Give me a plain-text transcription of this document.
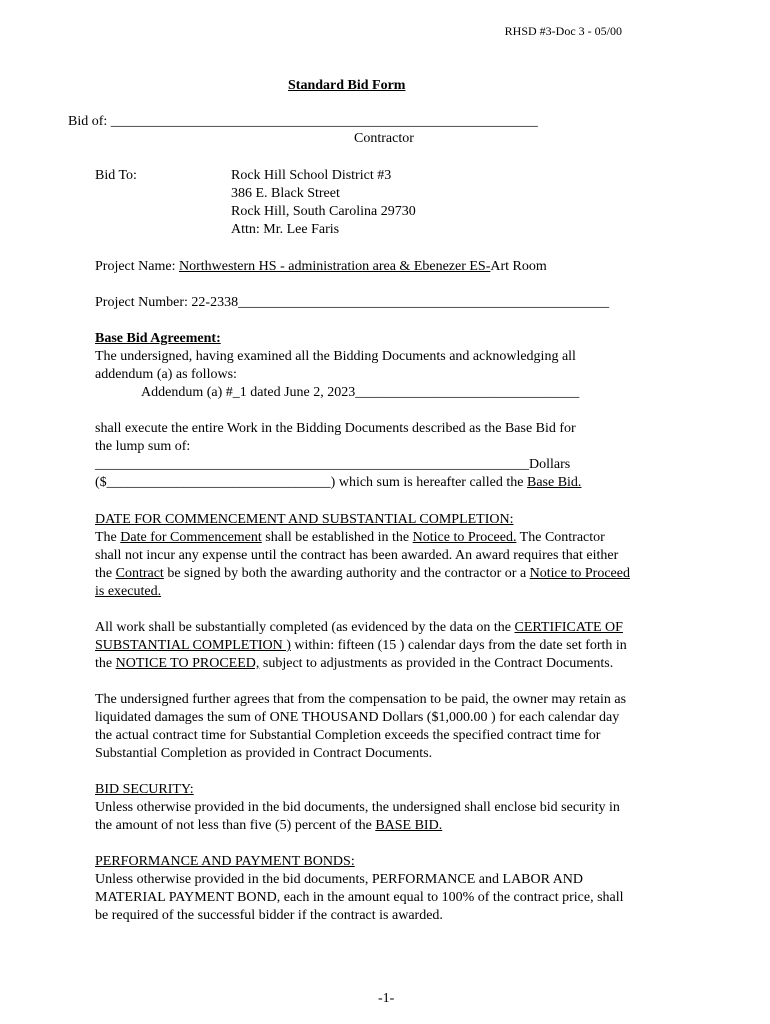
RHSD #3-Doc 3 - 05/00
Standard Bid Form
Bid of: _____________________________________________________________
Contractor
Bid To:	Rock Hill School District #3
386 E. Black Street
Rock Hill, South Carolina 29730
Attn: Mr. Lee Faris
Project Name: Northwestern HS - administration area & Ebenezer ES-Art Room
Project Number: 22-2338_____________________________________________________
Base Bid Agreement:
The undersigned, having examined all the Bidding Documents and acknowledging all
addendum (a) as follows:
Addendum (a) #_1 dated June 2, 2023________________________________
shall execute the entire Work in the Bidding Documents described as the Base Bid for
the lump sum of:
______________________________________________________________Dollars
($________________________________) which sum is hereafter called the Base Bid.
DATE FOR COMMENCEMENT AND SUBSTANTIAL COMPLETION:
The Date for Commencement shall be established in the Notice to Proceed. The Contractor
shall not incur any expense until the contract has been awarded. An award requires that either
the Contract be signed by both the awarding authority and the contractor or a Notice to Proceed
is executed.
All work shall be substantially completed (as evidenced by the data on the CERTIFICATE OF
SUBSTANTIAL COMPLETION ) within: fifteen (15 ) calendar days from the date set forth in
the NOTICE TO PROCEED, subject to adjustments as provided in the Contract Documents.
The undersigned further agrees that from the compensation to be paid, the owner may retain as
liquidated damages the sum of ONE THOUSAND Dollars ($1,000.00 ) for each calendar day
the actual contract time for Substantial Completion exceeds the specified contract time for
Substantial Completion as provided in Contract Documents.
BID SECURITY:
Unless otherwise provided in the bid documents, the undersigned shall enclose bid security in
the amount of not less than five (5) percent of the BASE BID.
PERFORMANCE AND PAYMENT BONDS:
Unless otherwise provided in the bid documents, PERFORMANCE and LABOR AND
MATERIAL PAYMENT BOND, each in the amount equal to 100% of the contract price, shall
be required of the successful bidder if the contract is awarded.
-1-
